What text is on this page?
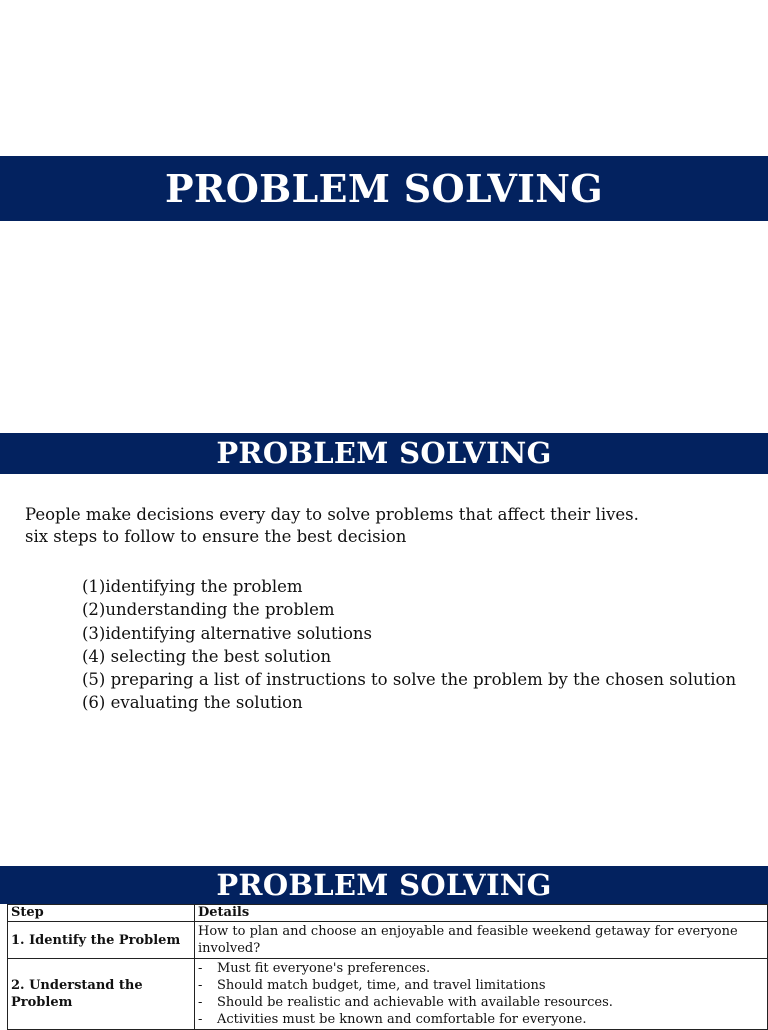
PROBLEM SOLVING
PROBLEM SOLVING
People make decisions every day to solve problems that affect their lives.
six steps to follow to ensure the best decision
(1)identifying the problem
(2)understanding the problem
(3)identifying alternative solutions
(4) selecting the best solution
(5) preparing a list of instructions to solve the problem by the chosen solution
(6) evaluating the solution
PROBLEM SOLVING
Step	Details
1. Identify the Problem	How to plan and choose an enjoyable and feasible weekend getaway for everyone involved?
2. Understand the Problem	- Must fit everyone's preferences.
- Should match budget, time, and travel limitations
- Should be realistic and achievable with available resources.
- Activities must be known and comfortable for everyone.
